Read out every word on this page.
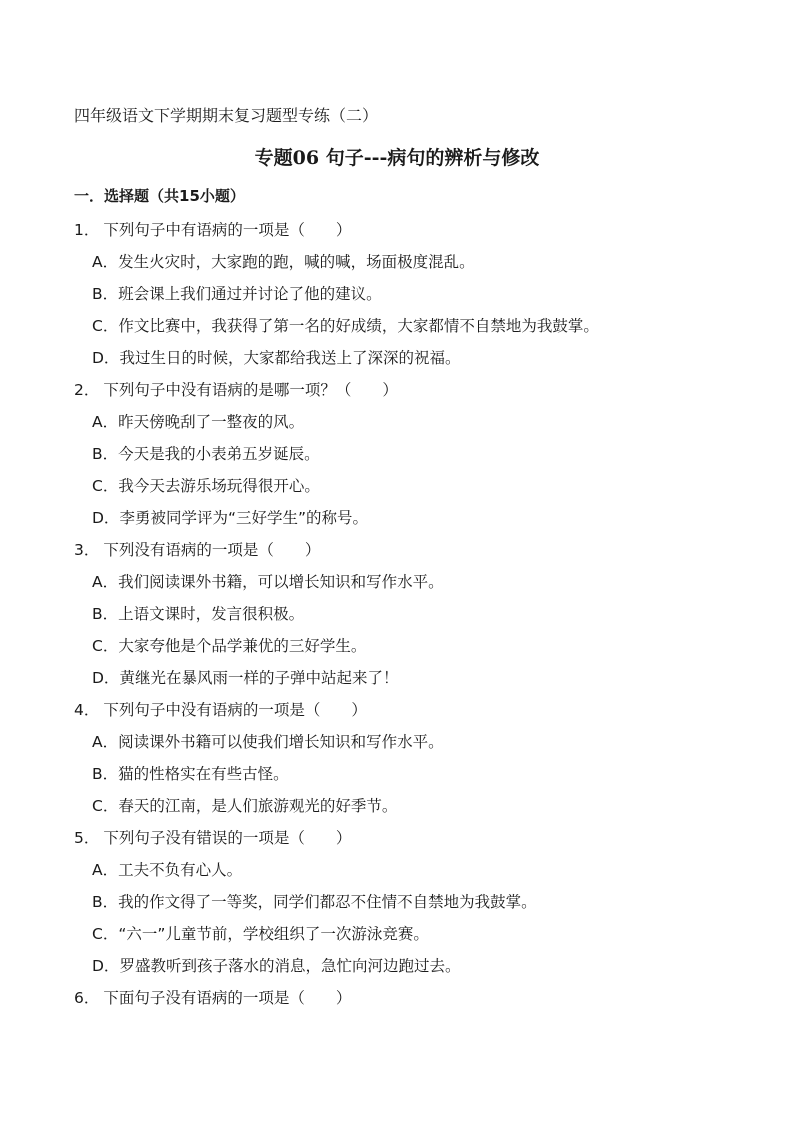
四年级语文下学期期末复习题型专练（二）
专题06 句子---病句的辨析与修改
一．选择题（共15小题）
1． 下列句子中有语病的一项是（　　）
A．发生火灾时，大家跑的跑，喊的喊，场面极度混乱。
B．班会课上我们通过并讨论了他的建议。
C．作文比赛中，我获得了第一名的好成绩，大家都情不自禁地为我鼓掌。
D．我过生日的时候，大家都给我送上了深深的祝福。
2． 下列句子中没有语病的是哪一项？（　　）
A．昨天傍晚刮了一整夜的风。
B．今天是我的小表弟五岁诞辰。
C．我今天去游乐场玩得很开心。
D．李勇被同学评为“三好学生”的称号。
3． 下列没有语病的一项是（　　）
A．我们阅读课外书籍，可以增长知识和写作水平。
B．上语文课时，发言很积极。
C．大家夸他是个品学兼优的三好学生。
D．黄继光在暴风雨一样的子弹中站起来了！
4． 下列句子中没有语病的一项是（　　）
A．阅读课外书籍可以使我们增长知识和写作水平。
B．猫的性格实在有些古怪。
C．春天的江南，是人们旅游观光的好季节。
5． 下列句子没有错误的一项是（　　）
A．工夫不负有心人。
B．我的作文得了一等奖，同学们都忍不住情不自禁地为我鼓掌。
C．“六一”儿童节前，学校组织了一次游泳竞赛。
D．罗盛教听到孩子落水的消息，急忙向河边跑过去。
6． 下面句子没有语病的一项是（　　）
